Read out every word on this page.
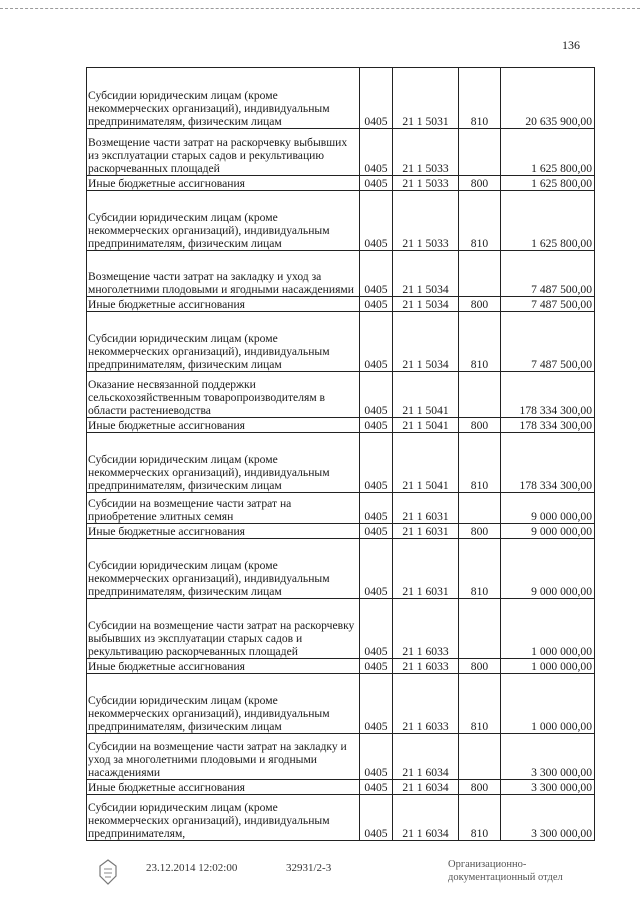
136
Субсидии юридическим лицам (кроме некоммерческих организаций), индивидуальным предпринимателям, физическим лицам	0405	21 1 5031	810	20 635 900,00
Возмещение части затрат на раскорчевку выбывших из эксплуатации старых садов и рекультивацию раскорчеванных площадей	0405	21 1 5033		1 625 800,00
Иные бюджетные ассигнования	0405	21 1 5033	800	1 625 800,00
Субсидии юридическим лицам (кроме некоммерческих организаций), индивидуальным предпринимателям, физическим лицам	0405	21 1 5033	810	1 625 800,00
Возмещение части затрат на закладку и уход за многолетними плодовыми и ягодными насаждениями	0405	21 1 5034		7 487 500,00
Иные бюджетные ассигнования	0405	21 1 5034	800	7 487 500,00
Субсидии юридическим лицам (кроме некоммерческих организаций), индивидуальным предпринимателям, физическим лицам	0405	21 1 5034	810	7 487 500,00
Оказание несвязанной поддержки сельскохозяйственным товаропроизводителям в области растениеводства	0405	21 1 5041		178 334 300,00
Иные бюджетные ассигнования	0405	21 1 5041	800	178 334 300,00
Субсидии юридическим лицам (кроме некоммерческих организаций), индивидуальным предпринимателям, физическим лицам	0405	21 1 5041	810	178 334 300,00
Субсидии на возмещение части затрат на приобретение элитных семян	0405	21 1 6031		9 000 000,00
Иные бюджетные ассигнования	0405	21 1 6031	800	9 000 000,00
Субсидии юридическим лицам (кроме некоммерческих организаций), индивидуальным предпринимателям, физическим лицам	0405	21 1 6031	810	9 000 000,00
Субсидии на возмещение части затрат на раскорчевку выбывших из эксплуатации старых садов и рекультивацию раскорчеванных площадей	0405	21 1 6033		1 000 000,00
Иные бюджетные ассигнования	0405	21 1 6033	800	1 000 000,00
Субсидии юридическим лицам (кроме некоммерческих организаций), индивидуальным предпринимателям, физическим лицам	0405	21 1 6033	810	1 000 000,00
Субсидии на возмещение части затрат на закладку и уход за многолетними плодовыми и ягодными насаждениями	0405	21 1 6034		3 300 000,00
Иные бюджетные ассигнования	0405	21 1 6034	800	3 300 000,00
Субсидии юридическим лицам (кроме некоммерческих организаций), индивидуальным предпринимателям,	0405	21 1 6034	810	3 300 000,00
23.12.2014 12:02:00	32931/2-3	Организационно-
документационный отдел
